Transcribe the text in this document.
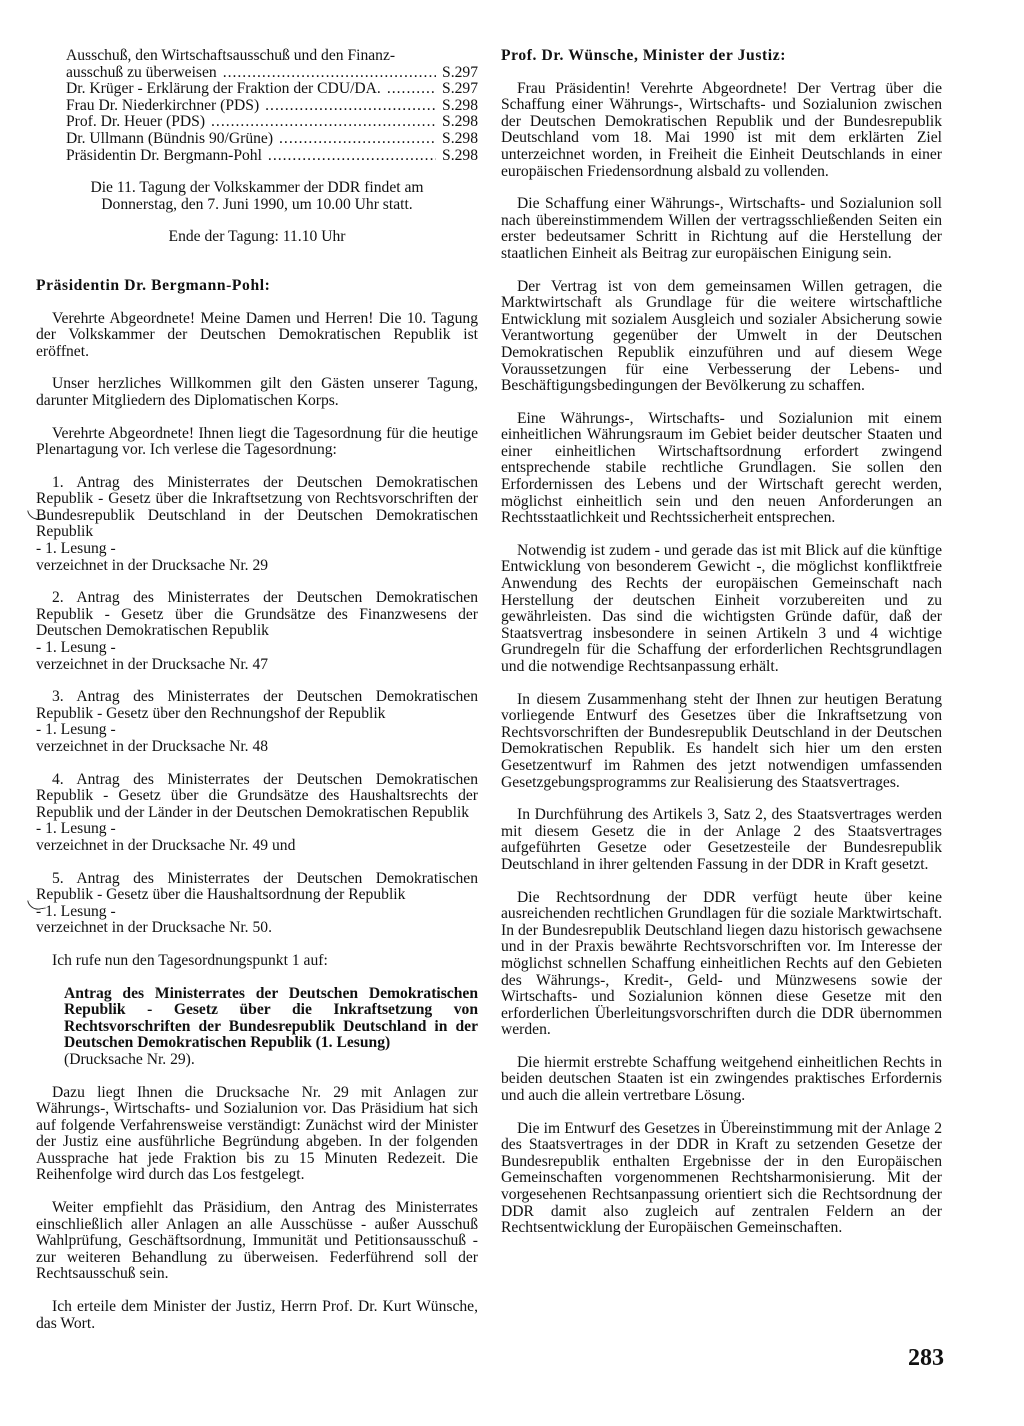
Ausschuß, den Wirtschaftsausschuß und den Finanz-

ausschuß zu überweisen .....	S.297
Dr. Krüger - Erklärung der Fraktion der CDU/DA. .....	S.297
Frau Dr. Niederkirchner (PDS) .....	S.298
Prof. Dr. Heuer (PDS) .....	S.298
Dr. Ullmann (Bündnis 90/Grüne) .....	S.298
Präsidentin Dr. Bergmann-Pohl .....	S.298

Die 11. Tagung der Volkskammer der DDR findet am

Donnerstag, den 7. Juni 1990, um 10.00 Uhr statt.

Ende der Tagung: 11.10 Uhr

Präsidentin Dr. Bergmann-Pohl:

Verehrte Abgeordnete! Meine Damen und Herren! Die 10. Tagung der Volkskammer der Deutschen Demokratischen Republik ist eröffnet.

Unser herzliches Willkommen gilt den Gästen unserer Tagung, darunter Mitgliedern des Diplomatischen Korps.

Verehrte Abgeordnete! Ihnen liegt die Tagesordnung für die heutige Plenartagung vor. Ich verlese die Tagesordnung:

1. Antrag des Ministerrates der Deutschen Demokratischen Republik - Gesetz über die Inkraftsetzung von Rechtsvorschriften der Bundesrepublik Deutschland in der Deutschen Demokratischen Republik

- 1. Lesung -

verzeichnet in der Drucksache Nr. 29

2. Antrag des Ministerrates der Deutschen Demokratischen Republik - Gesetz über die Grundsätze des Finanzwesens der Deutschen Demokratischen Republik

- 1. Lesung -

verzeichnet in der Drucksache Nr. 47

3. Antrag des Ministerrates der Deutschen Demokratischen Republik - Gesetz über den Rechnungshof der Republik

- 1. Lesung -

verzeichnet in der Drucksache Nr. 48

4. Antrag des Ministerrates der Deutschen Demokratischen Republik - Gesetz über die Grundsätze des Haushaltsrechts der Republik und der Länder in der Deutschen Demokratischen Republik

- 1. Lesung -

verzeichnet in der Drucksache Nr. 49 und

5. Antrag des Ministerrates der Deutschen Demokratischen Republik - Gesetz über die Haushaltsordnung der Republik

- 1. Lesung -

verzeichnet in der Drucksache Nr. 50.

Ich rufe nun den Tagesordnungspunkt 1 auf:

Antrag des Ministerrates der Deutschen Demokratischen Republik - Gesetz über die Inkraftsetzung von Rechtsvorschriften der Bundesrepublik Deutschland in der Deutschen Demokratischen Republik (1. Lesung)

(Drucksache Nr. 29).

Dazu liegt Ihnen die Drucksache Nr. 29 mit Anlagen zur Währungs-, Wirtschafts- und Sozialunion vor. Das Präsidium hat sich auf folgende Verfahrensweise verständigt: Zunächst wird der Minister der Justiz eine ausführliche Begründung abgeben. In der folgenden Aussprache hat jede Fraktion bis zu 15 Minuten Redezeit. Die Reihenfolge wird durch das Los festgelegt.

Weiter empfiehlt das Präsidium, den Antrag des Ministerrates einschließlich aller Anlagen an alle Ausschüsse - außer Ausschuß Wahlprüfung, Geschäftsordnung, Immunität und Petitionsausschuß - zur weiteren Behandlung zu überweisen. Federführend soll der Rechtsausschuß sein.

Ich erteile dem Minister der Justiz, Herrn Prof. Dr. Kurt Wünsche, das Wort.

Prof. Dr. Wünsche, Minister der Justiz:

Frau Präsidentin! Verehrte Abgeordnete! Der Vertrag über die Schaffung einer Währungs-, Wirtschafts- und Sozialunion zwischen der Deutschen Demokratischen Republik und der Bundesrepublik Deutschland vom 18. Mai 1990 ist mit dem erklärten Ziel unterzeichnet worden, in Freiheit die Einheit Deutschlands in einer europäischen Friedensordnung alsbald zu vollenden.

Die Schaffung einer Währungs-, Wirtschafts- und Sozialunion soll nach übereinstimmendem Willen der vertragsschließenden Seiten ein erster bedeutsamer Schritt in Richtung auf die Herstellung der staatlichen Einheit als Beitrag zur europäischen Einigung sein.

Der Vertrag ist von dem gemeinsamen Willen getragen, die Marktwirtschaft als Grundlage für die weitere wirtschaftliche Entwicklung mit sozialem Ausgleich und sozialer Absicherung sowie Verantwortung gegenüber der Umwelt in der Deutschen Demokratischen Republik einzuführen und auf diesem Wege Voraussetzungen für eine Verbesserung der Lebens- und Beschäftigungsbedingungen der Bevölkerung zu schaffen.

Eine Währungs-, Wirtschafts- und Sozialunion mit einem einheitlichen Währungsraum im Gebiet beider deutscher Staaten und einer einheitlichen Wirtschaftsordnung erfordert zwingend entsprechende stabile rechtliche Grundlagen. Sie sollen den Erfordernissen des Lebens und der Wirtschaft gerecht werden, möglichst einheitlich sein und den neuen Anforderungen an Rechtsstaatlichkeit und Rechtssicherheit entsprechen.

Notwendig ist zudem - und gerade das ist mit Blick auf die künftige Entwicklung von besonderem Gewicht -, die möglichst konfliktfreie Anwendung des Rechts der europäischen Gemeinschaft nach Herstellung der deutschen Einheit vorzubereiten und zu gewährleisten. Das sind die wichtigsten Gründe dafür, daß der Staatsvertrag insbesondere in seinen Artikeln 3 und 4 wichtige Grundregeln für die Schaffung der erforderlichen Rechtsgrundlagen und die notwendige Rechtsanpassung erhält.

In diesem Zusammenhang steht der Ihnen zur heutigen Beratung vorliegende Entwurf des Gesetzes über die Inkraftsetzung von Rechtsvorschriften der Bundesrepublik Deutschland in der Deutschen Demokratischen Republik. Es handelt sich hier um den ersten Gesetzentwurf im Rahmen des jetzt notwendigen umfassenden Gesetzgebungsprogramms zur Realisierung des Staatsvertrages.

In Durchführung des Artikels 3, Satz 2, des Staatsvertrages werden mit diesem Gesetz die in der Anlage 2 des Staatsvertrages aufgeführten Gesetze oder Gesetzesteile der Bundesrepublik Deutschland in ihrer geltenden Fassung in der DDR in Kraft gesetzt.

Die Rechtsordnung der DDR verfügt heute über keine ausreichenden rechtlichen Grundlagen für die soziale Marktwirtschaft. In der Bundesrepublik Deutschland liegen dazu historisch gewachsene und in der Praxis bewährte Rechtsvorschriften vor. Im Interesse der möglichst schnellen Schaffung einheitlichen Rechts auf den Gebieten des Währungs-, Kredit-, Geld- und Münzwesens sowie der Wirtschafts- und Sozialunion können diese Gesetze mit den erforderlichen Überleitungsvorschriften durch die DDR übernommen werden.

Die hiermit erstrebte Schaffung weitgehend einheitlichen Rechts in beiden deutschen Staaten ist ein zwingendes praktisches Erfordernis und auch die allein vertretbare Lösung.

Die im Entwurf des Gesetzes in Übereinstimmung mit der Anlage 2 des Staatsvertrages in der DDR in Kraft zu setzenden Gesetze der Bundesrepublik enthalten Ergebnisse der in den Europäischen Gemeinschaften vorgenommenen Rechtsharmonisierung. Mit der vorgesehenen Rechtsanpassung orientiert sich die Rechtsordnung der DDR damit also zugleich auf zentralen Feldern an der Rechtsentwicklung der Europäischen Gemeinschaften.

283
